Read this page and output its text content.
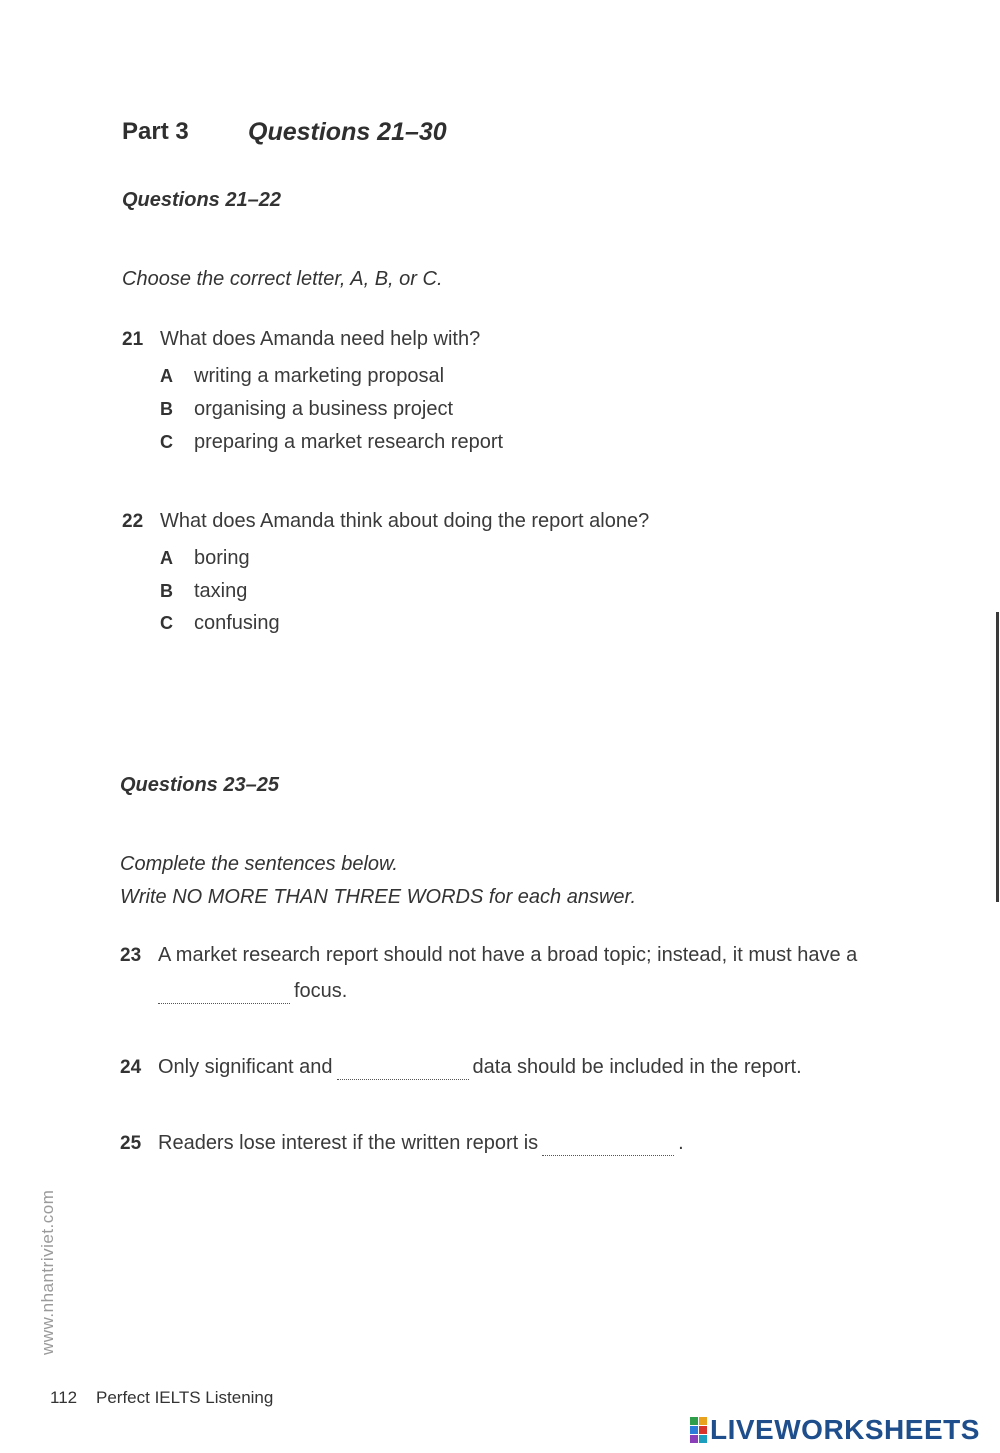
Part 3 Questions 21–30
Questions 21–22
Choose the correct letter, A, B, or C.
21 What does Amanda need help with?
A writing a marketing proposal
B organising a business project
C preparing a market research report
22 What does Amanda think about doing the report alone?
A boring
B taxing
C confusing
Questions 23–25
Complete the sentences below.
Write NO MORE THAN THREE WORDS for each answer.
23 A market research report should not have a broad topic; instead, it must have a
focus.
24 Only significant and	data should be included in the report.
25 Readers lose interest if the written report is	.
www.nhantriviet.com
112 Perfect IELTS Listening
LIVEWORKSHEETS
